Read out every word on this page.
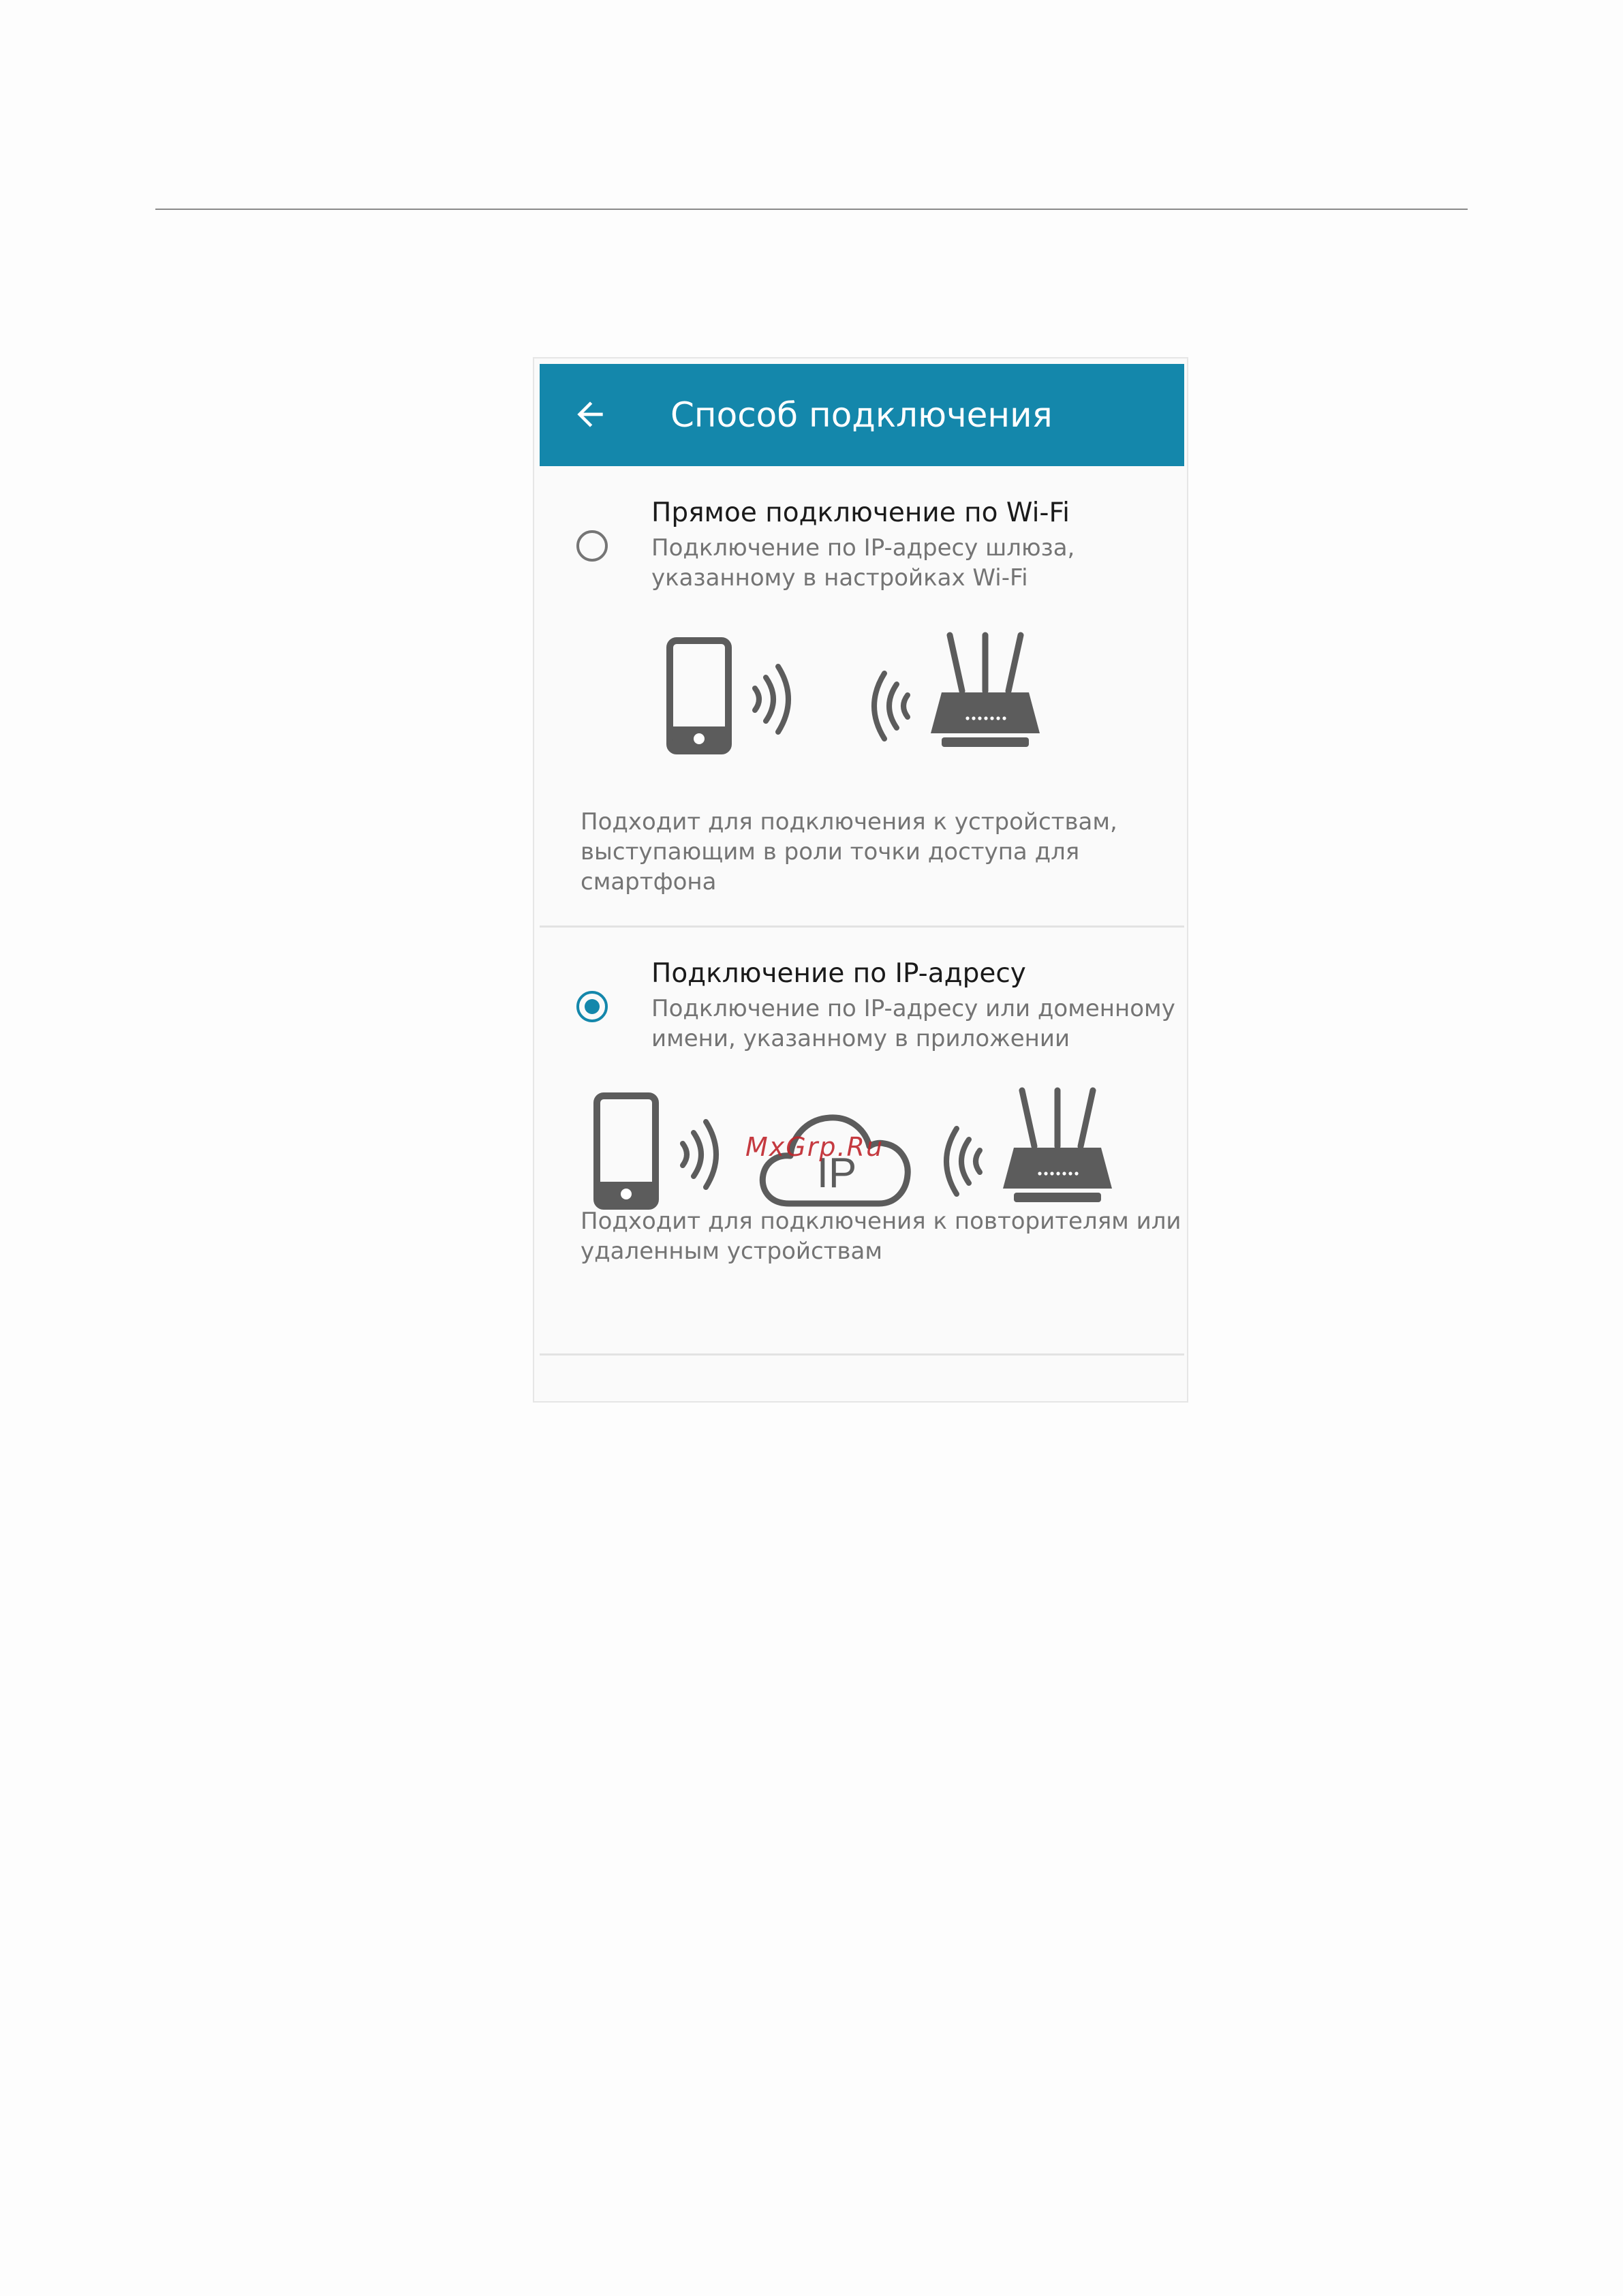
Способ подключения
Прямое подключение по Wi-Fi
Подключение по IP-адресу шлюза,
указанному в настройках Wi-Fi
Подходит для подключения к устройствам,
выступающим в роли точки доступа для
смартфона
Подключение по IP-адресу
Подключение по IP-адресу или доменному
имени, указанному в приложении
IP
Подходит для подключения к повторителям или
удаленным устройствам
MxGrp.Ru
